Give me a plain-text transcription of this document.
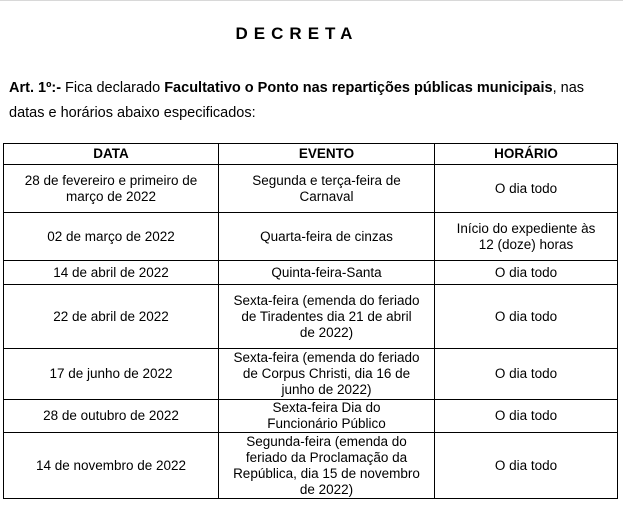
DECRETA
Art. 1º:- Fica declarado Facultativo o Ponto nas repartições públicas municipais, nas datas e horários abaixo especificados:
DATA	EVENTO	HORÁRIO
28 de fevereiro e primeiro de março de 2022	Segunda e terça-feira de Carnaval	O dia todo
02 de março de 2022	Quarta-feira de cinzas	Início do expediente às 12 (doze) horas
14 de abril de 2022	Quinta-feira-Santa	O dia todo
22 de abril de 2022	Sexta-feira (emenda do feriado de Tiradentes dia 21 de abril de 2022)	O dia todo
17 de junho de 2022	Sexta-feira (emenda do feriado de Corpus Christi, dia 16 de junho de 2022)	O dia todo
28 de outubro de 2022	Sexta-feira Dia do Funcionário Público	O dia todo
14 de novembro de 2022	Segunda-feira (emenda do feriado da Proclamação da República, dia 15 de novembro de 2022)	O dia todo
